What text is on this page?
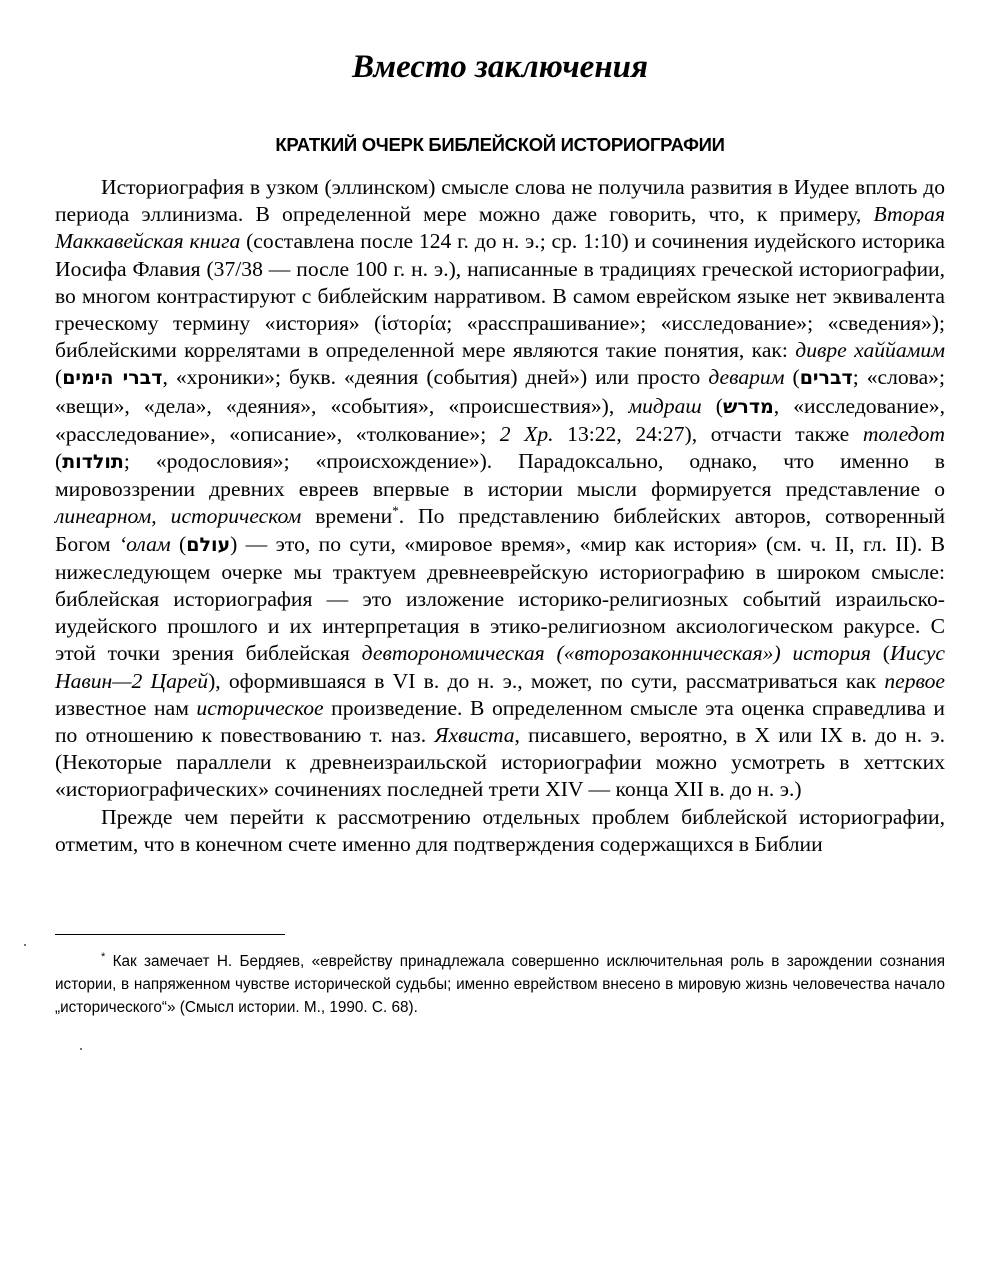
Вместо заключения
КРАТКИЙ ОЧЕРК БИБЛЕЙСКОЙ ИСТОРИОГРАФИИ

Историография в узком (эллинском) смысле слова не получила развития в Иудее вплоть до периода эллинизма. В определенной мере можно даже говорить, что, к примеру, Вторая Маккавейская книга (составлена после 124 г. до н. э.; ср. 1:10) и сочинения иудейского историка Иосифа Флавия (37/38 — после 100 г. н. э.), написанные в традициях греческой историографии, во многом контрастируют с библейским нарративом. В самом еврейском языке нет эквивалента греческому термину «история» (ἱστορία; «расспрашивание»; «исследование»; «сведения»); библейскими коррелятами в определенной мере являются такие понятия, как: диврe хаййамим (דברי הימים, «хроники»; букв. «деяния (события) дней») или просто деварим (דברים; «слова»; «вещи», «дела», «деяния», «события», «происшествия»), мидраш (מדרש, «исследование», «расследование», «описание», «толкование»; 2 Хр. 13:22, 24:27), отчасти также толедот (תולדות; «родословия»; «происхождение»). Парадоксально, однако, что именно в мировоззрении древних евреев впервые в истории мысли формируется представление о линеарном, историческом времени*. По представлению библейских авторов, сотворенный Богом ʻолам (עולם) — это, по сути, «мировое время», «мир как история» (см. ч. II, гл. II). В нижеследующем очерке мы трактуем древнееврейскую историографию в широком смысле: библейская историография — это изложение историко-религиозных событий израильско-иудейского прошлого и их интерпретация в этико-религиозном аксиологическом ракурсе. С этой точки зрения библейская девторономическая («второзаконническая») история (Иисус Навин—2 Царей), оформившаяся в VI в. до н. э., может, по сути, рассматриваться как первое известное нам историческое произведение. В определенном смысле эта оценка справедлива и по отношению к повествованию т. наз. Яхвиста, писавшего, вероятно, в X или IX в. до н. э. (Некоторые параллели к древнеизраильской историографии можно усмотреть в хеттских «историографических» сочинениях последней трети XIV — конца XII в. до н. э.)

Прежде чем перейти к рассмотрению отдельных проблем библейской историографии, отметим, что в конечном счете именно для подтверждения содержащихся в Библии

* Как замечает Н. Бердяев, «еврейству принадлежала совершенно исключительная роль в зарождении сознания истории, в напряженном чувстве исторической судьбы; именно еврейством внесено в мировую жизнь человечества начало „исторического“» (Смысл истории. М., 1990. С. 68).
